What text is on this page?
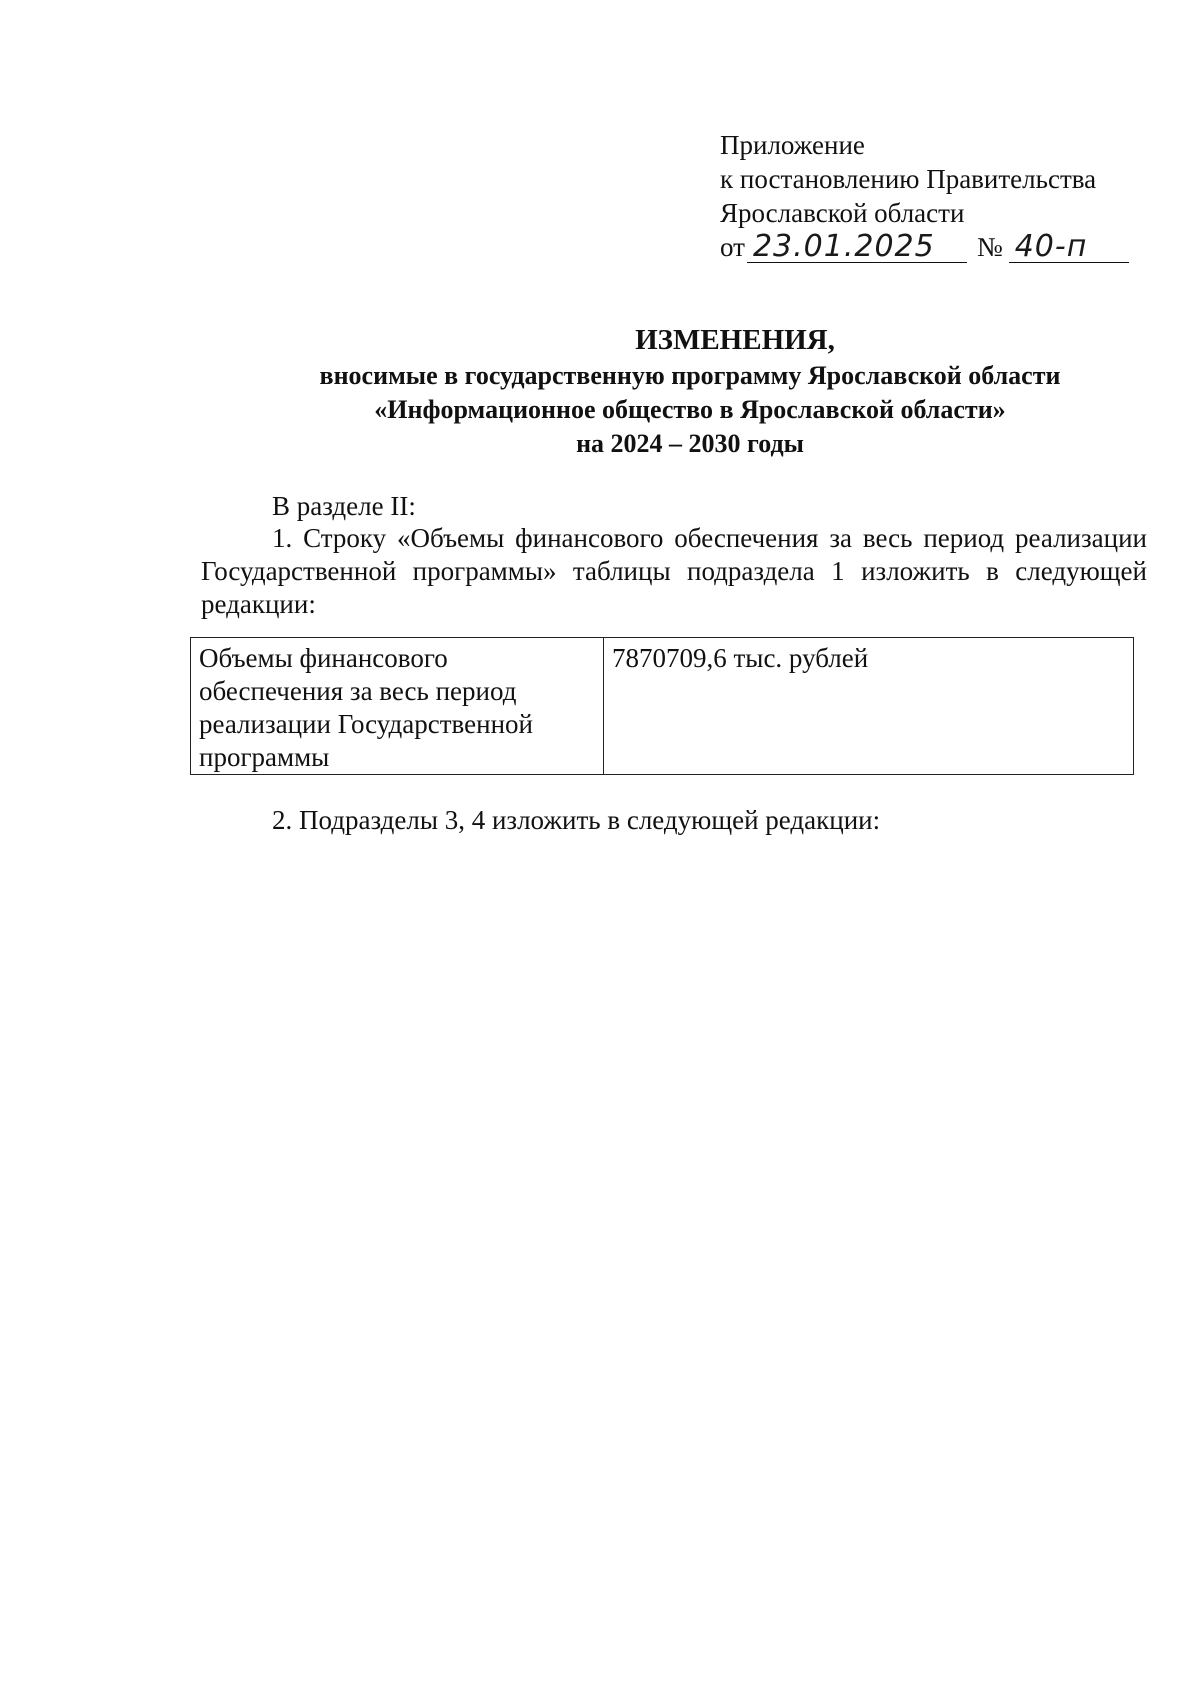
Приложение
к постановлению Правительства
Ярославской области
от 23.01.2025 № 40-п
ИЗМЕНЕНИЯ,
вносимые в государственную программу Ярославской области
«Информационное общество в Ярославской области»
на 2024 – 2030 годы
В разделе II:
1. Строку «Объемы финансового обеспечения за весь период реализации Государственной программы» таблицы подраздела 1 изложить в следующей редакции:
Объемы финансового обеспечения за весь период реализации Государственной программы	7870709,6 тыс. рублей
2. Подразделы 3, 4 изложить в следующей редакции:
